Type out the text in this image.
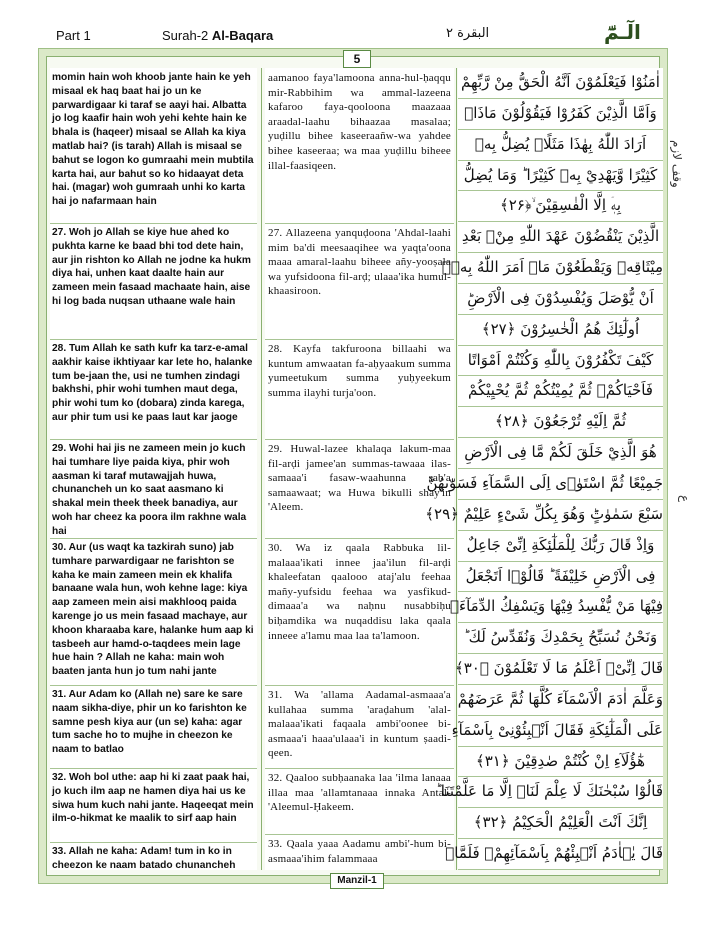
Part 1	Surah-2 Al-Baqara	البقرة ٢	الٓـمّٓ
5
momin hain woh khoob jante hain ke yeh misaal ek haq baat hai jo un ke parwardigaar ki taraf se aayi hai. Albatta jo log kaafir hain woh yehi kehte hain ke bhala is (haqeer) misaal se Allah ka kiya matlab hai? (is tarah) Allah is misaal se bahut se logon ko gumraahi mein mubtila karta hai, aur bahut so ko hidaayat deta hai. (magar) woh gumraah unhi ko karta hai jo nafarmaan hain
27. Woh jo Allah se kiye hue ahed ko pukhta karne ke baad bhi tod dete hain, aur jin rishton ko Allah ne jodne ka hukm diya hai, unhen kaat daalte hain aur zameen mein fasaad machaate hain, aise hi log bada nuqsan uthaane wale hain
28. Tum Allah ke sath kufr ka tarz-e-amal aakhir kaise ikhtiyaar kar lete ho, halanke tum be-jaan the, usi ne tumhen zindagi bakhshi, phir wohi tumhen maut dega, phir wohi tum ko (dobara) zinda karega, aur phir tum usi ke paas laut kar jaoge
29. Wohi hai jis ne zameen mein jo kuch hai tumhare liye paida kiya, phir woh aasman ki taraf mutawajjah huwa, chunancheh un ko saat aasmano ki shakal mein theek theek banadiya, aur woh har cheez ka poora ilm rakhne wala hai
30. Aur (us waqt ka tazkirah suno) jab tumhare parwardigaar ne farishton se kaha ke main zameen mein ek khalifa banaane wala hun, woh kehne lage: kiya aap zameen mein aisi makhlooq paida karenge jo us mein fasaad machaye, aur khoon kharaaba kare, halanke hum aap ki tasbeeh aur hamd-o-taqdees mein lage hue hain ? Allah ne kaha: main woh baaten janta hun jo tum nahi jante
31. Aur Adam ko (Allah ne) sare ke sare naam sikha-diye, phir un ko farishton ke samne pesh kiya aur (un se) kaha: agar tum sache ho to mujhe in cheezon ke naam to batlao
32. Woh bol uthe: aap hi ki zaat paak hai, jo kuch ilm aap ne hamen diya hai us ke siwa hum kuch nahi jante. Haqeeqat mein ilm-o-hikmat ke maalik to sirf aap hain
33. Allah ne kaha: Adam! tum in ko in cheezon ke naam batado chunancheh
aamanoo faya'lamoona anna-hul-ḥaqqu mir-Rabbihim wa ammal-lazeena kafaroo faya-qooloona maazaaa araadal-laahu bihaazaa masalaa; yuḍillu bihee kaseeraañw-wa yahdee bihee kaseeraa; wa maa yuḍillu biheee illal-faasiqeen.
27. Allazeena yanquḍoona 'Ahdal-laahi mim ba'di meesaaqihee wa yaqṭa'oona maaa amaral-laahu biheee añy-yooṣala wa yufsidoona fil-arḍ; ulaaa'ika humul-khaasiroon.
28. Kayfa takfuroona billaahi wa kuntum amwaatan fa-aḥyaakum summa yumeetukum summa yuḥyeekum summa ilayhi turja'oon.
29. Huwal-lazee khalaqa lakum-maa fil-arḍi jamee'an summas-tawaaa ilas-samaaa'i fasaw-waahunna sab'a samaawaat; wa Huwa bikulli shay'in 'Aleem.
30. Wa iz qaala Rabbuka lil-malaaa'ikati innee jaa'ilun fil-arḍi khaleefatan qaalooo ataj'alu feehaa mañy-yufsidu feehaa wa yasfikud-dimaaa'a wa naḥnu nusabbiḥu biḥamdika wa nuqaddisu laka qaala inneee a'lamu maa laa ta'lamoon.
31. Wa 'allama Aadamal-asmaaa'a kullahaa summa 'araḍahum 'alal-malaaa'ikati faqaala ambi'oonee bi-asmaaa'i haaa'ulaaa'i in kuntum ṣaadi-qeen.
32. Qaaloo subḥaanaka laa 'ilma lanaaa illaa maa 'allamtanaaa innaka Antal-'Aleemul-Ḥakeem.
33. Qaala yaaa Aadamu ambi'-hum bi-asmaaa'ihim falammaaa
اٰمَنُوْا فَيَعْلَمُوْنَ اَنَّهُ الْحَقُّ مِنْ رَّبِّهِمْ
وَاَمَّا الَّذِيْنَ كَفَرُوْا فَيَقُوْلُوْنَ مَاذَاۤ
اَرَادَ اللّٰهُ بِهٰذَا مَثَلًاۘ يُضِلُّ بِهٖ
كَثِيْرًا وَّيَهْدِيْ بِهٖ كَثِيْرًا ؕ وَمَا يُضِلُّ
بِهٖۤ اِلَّا الْفٰسِقِيْنَ ۙ﴿۲۶﴾
الَّذِيْنَ يَنْقُضُوْنَ عَهْدَ اللّٰهِ مِنْۢ بَعْدِ
مِيْثَاقِهٖ وَيَقْطَعُوْنَ مَاۤ اَمَرَ اللّٰهُ بِهٖۤ
اَنْ يُّوْصَلَ وَيُفْسِدُوْنَ فِى الْاَرْضِؕ
اُولٰٓئِكَ هُمُ الْخٰسِرُوْنَ ﴿۲۷﴾
كَيْفَ تَكْفُرُوْنَ بِاللّٰهِ وَكُنْتُمْ اَمْوَاتًا
فَاَحْيَاكُمْۚ ثُمَّ يُمِيْتُكُمْ ثُمَّ يُحْيِيْكُمْ
ثُمَّ اِلَيْهِ تُرْجَعُوْنَ ﴿۲۸﴾
هُوَ الَّذِيْ خَلَقَ لَكُمْ مَّا فِى الْاَرْضِ
جَمِيْعًا ثُمَّ اسْتَوٰۤى اِلَى السَّمَآءِ فَسَوّٰىهُنَّ
سَبْعَ سَمٰوٰتٍؕ وَهُوَ بِكُلِّ شَىْءٍ عَلِيْمٌ ﴿۲۹﴾
وَاِذْ قَالَ رَبُّكَ لِلْمَلٰٓئِكَةِ اِنِّىْ جَاعِلٌ
فِى الْاَرْضِ خَلِيْفَةً ؕ قَالُوْۤا اَتَجْعَلُ
فِيْهَا مَنْ يُّفْسِدُ فِيْهَا وَيَسْفِكُ الدِّمَآءَۚ
وَنَحْنُ نُسَبِّحُ بِحَمْدِكَ وَنُقَدِّسُ لَكَ ؕ
قَالَ اِنِّىْۤ اَعْلَمُ مَا لَا تَعْلَمُوْنَ ﴿۳۰﴾
وَعَلَّمَ اٰدَمَ الْاَسْمَآءَ كُلَّهَا ثُمَّ عَرَضَهُمْ
عَلَى الْمَلٰٓئِكَةِ فَقَالَ اَنْۢبِئُوْنِىْ بِاَسْمَآءِ
هٰٓؤُلَآءِ اِنْ كُنْتُمْ صٰدِقِيْنَ ﴿۳۱﴾
قَالُوْا سُبْحٰنَكَ لَا عِلْمَ لَنَاۤ اِلَّا مَا عَلَّمْتَنَا ؕ
اِنَّكَ اَنْتَ الْعَلِيْمُ الْحَكِيْمُ ﴿۳۲﴾
قَالَ يٰۤاٰدَمُ اَنْۢبِئْهُمْ بِاَسْمَآئِهِمْۚ فَلَمَّاۤ
وقف لازم
ع
Manzil-1
